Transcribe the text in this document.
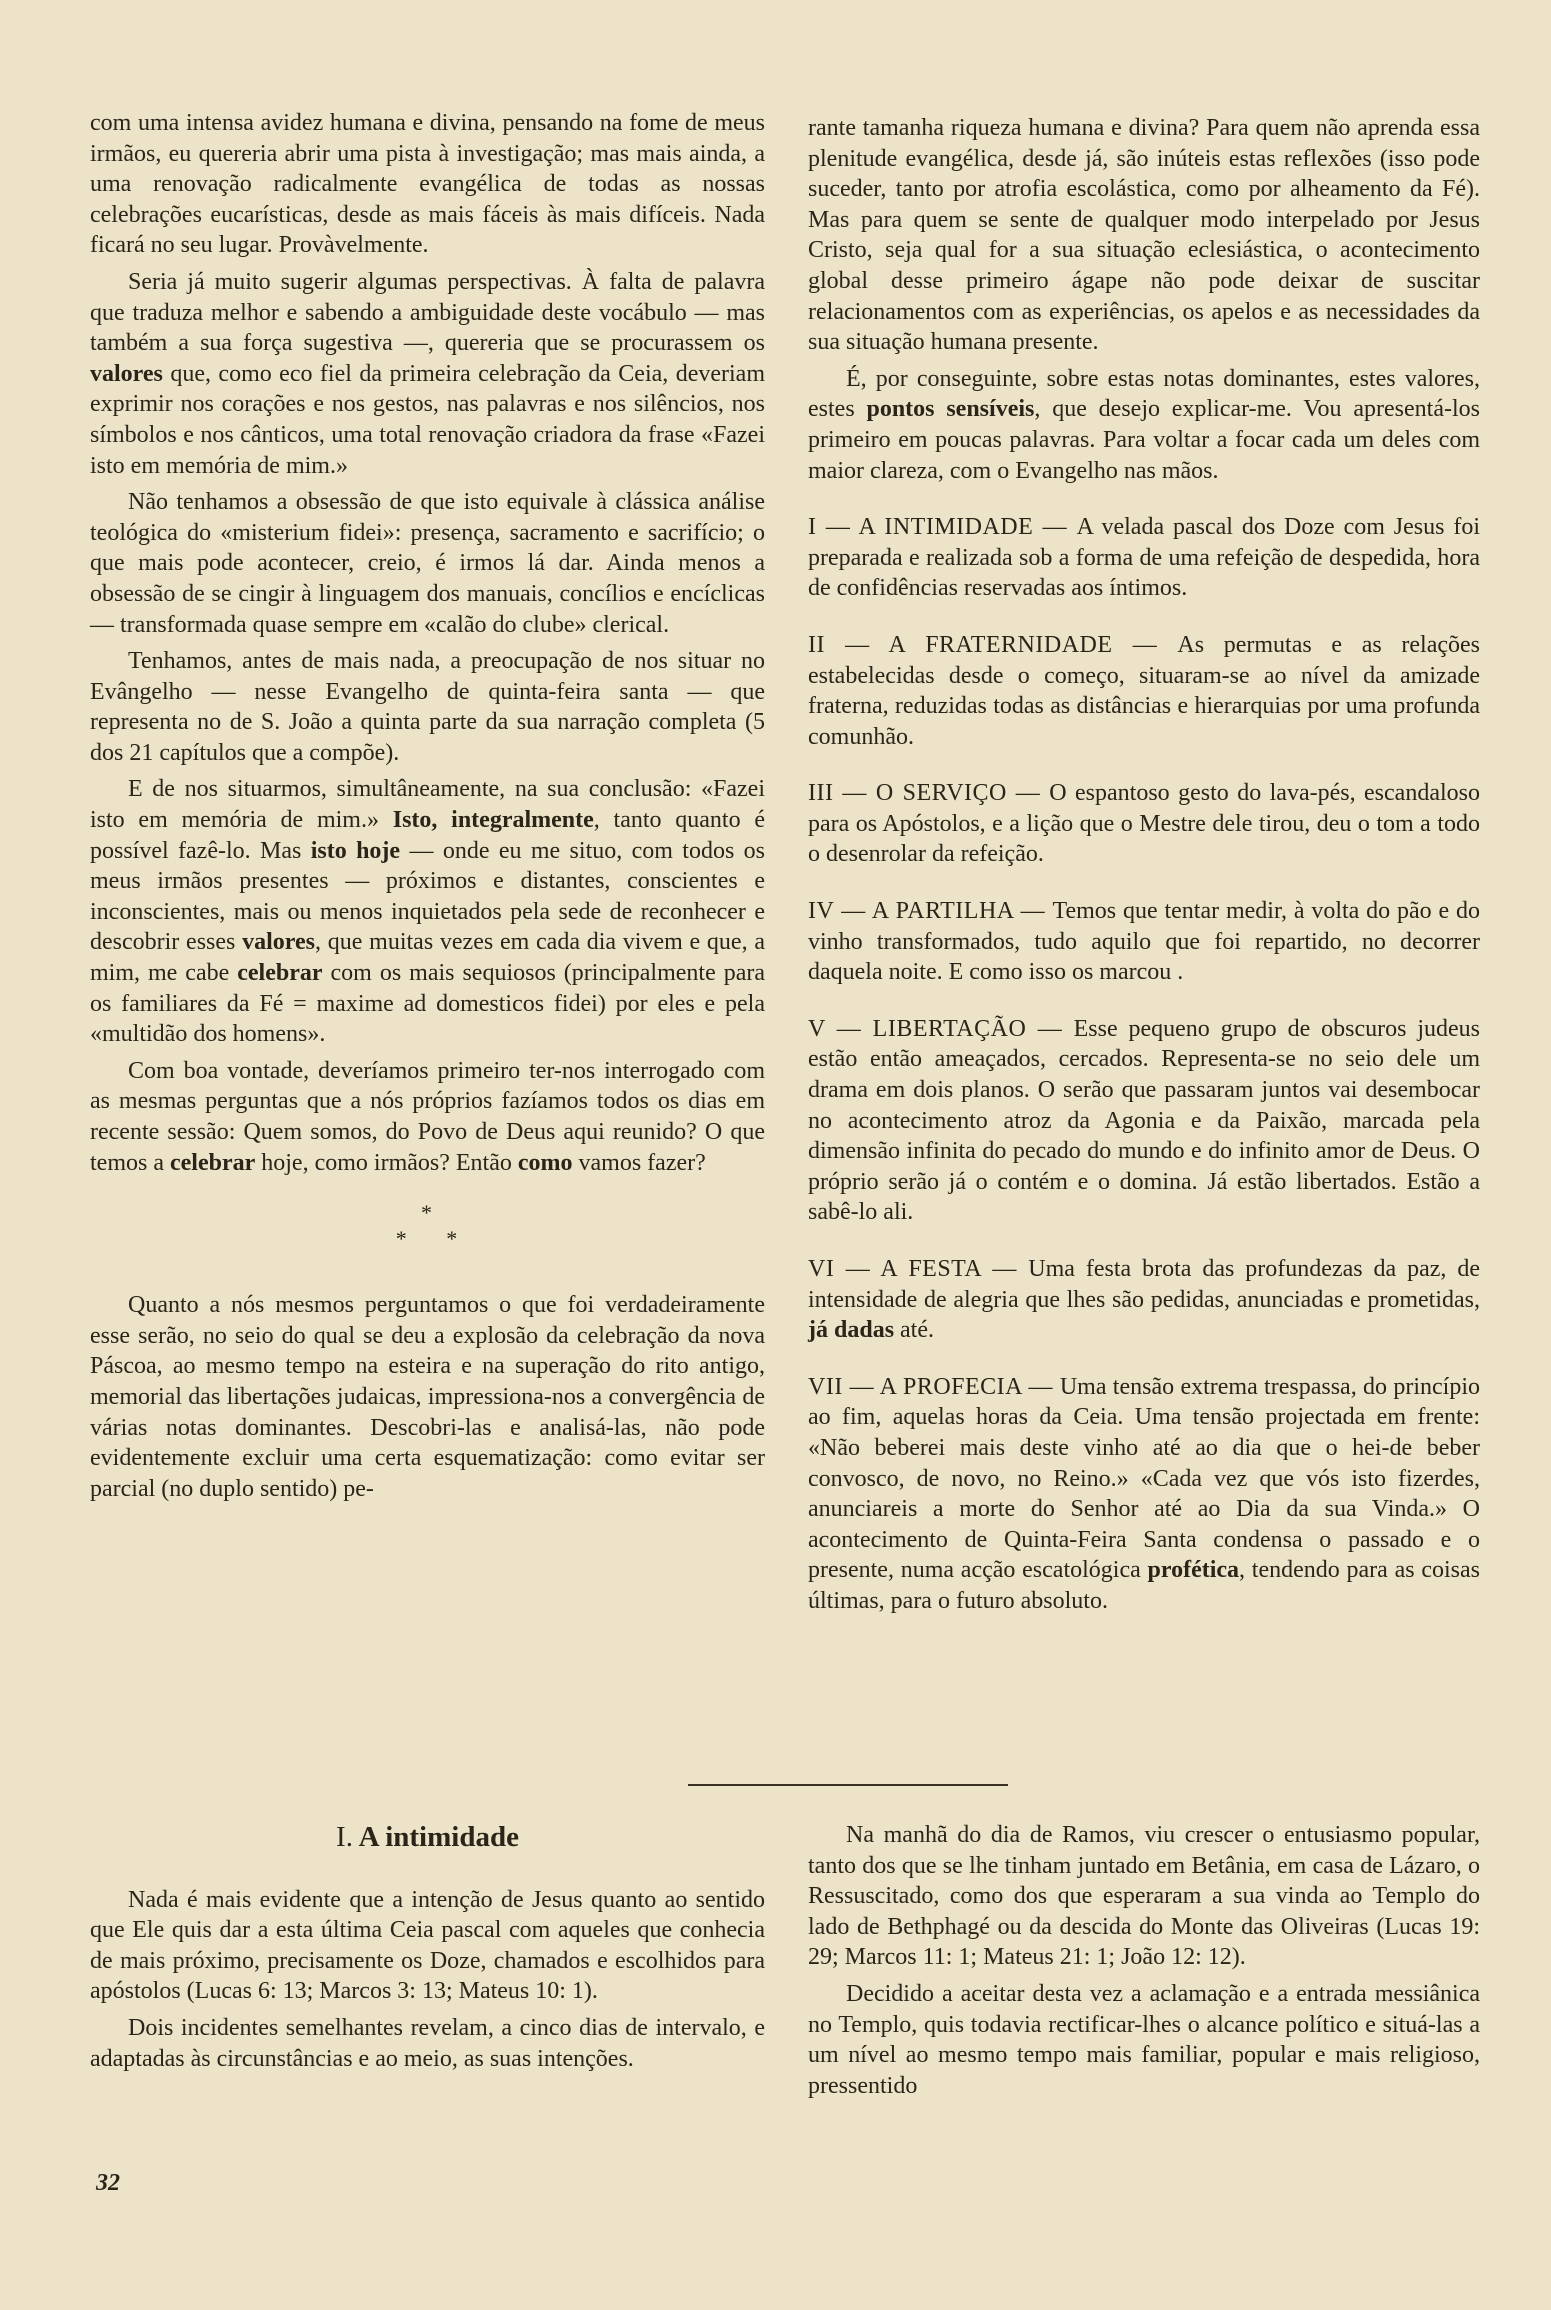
com uma intensa avidez humana e divina, pensando na fome de meus irmãos, eu quereria abrir uma pista à investigação; mas mais ainda, a uma renovação radicalmente evangélica de todas as nossas celebrações eucarísticas, desde as mais fáceis às mais difíceis. Nada ficará no seu lugar. Provàvelmente.

Seria já muito sugerir algumas perspectivas. À falta de palavra que traduza melhor e sabendo a ambiguidade deste vocábulo — mas também a sua força sugestiva —, quereria que se procurassem os valores que, como eco fiel da primeira celebração da Ceia, deveriam exprimir nos corações e nos gestos, nas palavras e nos silêncios, nos símbolos e nos cânticos, uma total renovação criadora da frase «Fazei isto em memória de mim.»

Não tenhamos a obsessão de que isto equivale à clássica análise teológica do «misterium fidei»: presença, sacramento e sacrifício; o que mais pode acontecer, creio, é irmos lá dar. Ainda menos a obsessão de se cingir à linguagem dos manuais, concílios e encíclicas — transformada quase sempre em «calão do clube» clerical.

Tenhamos, antes de mais nada, a preocupação de nos situar no Evângelho — nesse Evangelho de quinta-feira santa — que representa no de S. João a quinta parte da sua narração completa (5 dos 21 capítulos que a compõe).

E de nos situarmos, simultâneamente, na sua conclusão: «Fazei isto em memória de mim.» Isto, integralmente, tanto quanto é possível fazê-lo. Mas isto hoje — onde eu me situo, com todos os meus irmãos presentes — próximos e distantes, conscientes e inconscientes, mais ou menos inquietados pela sede de reconhecer e descobrir esses valores, que muitas vezes em cada dia vivem e que, a mim, me cabe celebrar com os mais sequiosos (principalmente para os familiares da Fé = maxime ad domesticos fidei) por eles e pela «multidão dos homens».

Com boa vontade, deveríamos primeiro ter-nos interrogado com as mesmas perguntas que a nós próprios fazíamos todos os dias em recente sessão: Quem somos, do Povo de Deus aqui reunido? O que temos a celebrar hoje, como irmãos? Então como vamos fazer?

*
*     *

Quanto a nós mesmos perguntamos o que foi verdadeiramente esse serão, no seio do qual se deu a explosão da celebração da nova Páscoa, ao mesmo tempo na esteira e na superação do rito antigo, memorial das libertações judaicas, impressiona-nos a convergência de várias notas dominantes. Descobri-las e analisá-las, não pode evidentemente excluir uma certa esquematização: como evitar ser parcial (no duplo sentido) pe-

rante tamanha riqueza humana e divina? Para quem não aprenda essa plenitude evangélica, desde já, são inúteis estas reflexões (isso pode suceder, tanto por atrofia escolástica, como por alheamento da Fé). Mas para quem se sente de qualquer modo interpelado por Jesus Cristo, seja qual for a sua situação eclesiástica, o acontecimento global desse primeiro ágape não pode deixar de suscitar relacionamentos com as experiências, os apelos e as necessidades da sua situação humana presente.

É, por conseguinte, sobre estas notas dominantes, estes valores, estes pontos sensíveis, que desejo explicar-me. Vou apresentá-los primeiro em poucas palavras. Para voltar a focar cada um deles com maior clareza, com o Evangelho nas mãos.

I — A INTIMIDADE — A velada pascal dos Doze com Jesus foi preparada e realizada sob a forma de uma refeição de despedida, hora de confidências reservadas aos íntimos.

II — A FRATERNIDADE — As permutas e as relações estabelecidas desde o começo, situaram-se ao nível da amizade fraterna, reduzidas todas as distâncias e hierarquias por uma profunda comunhão.

III — O SERVIÇO — O espantoso gesto do lava-pés, escandaloso para os Apóstolos, e a lição que o Mestre dele tirou, deu o tom a todo o desenrolar da refeição.

IV — A PARTILHA — Temos que tentar medir, à volta do pão e do vinho transformados, tudo aquilo que foi repartido, no decorrer daquela noite. E como isso os marcou .

V — LIBERTAÇÃO — Esse pequeno grupo de obscuros judeus estão então ameaçados, cercados. Representa-se no seio dele um drama em dois planos. O serão que passaram juntos vai desembocar no acontecimento atroz da Agonia e da Paixão, marcada pela dimensão infinita do pecado do mundo e do infinito amor de Deus. O próprio serão já o contém e o domina. Já estão libertados. Estão a sabê-lo ali.

VI — A FESTA — Uma festa brota das profundezas da paz, de intensidade de alegria que lhes são pedidas, anunciadas e prometidas, já dadas até.

VII — A PROFECIA — Uma tensão extrema trespassa, do princípio ao fim, aquelas horas da Ceia. Uma tensão projectada em frente: «Não beberei mais deste vinho até ao dia que o hei-de beber convosco, de novo, no Reino.» «Cada vez que vós isto fizerdes, anunciareis a morte do Senhor até ao Dia da sua Vinda.» O acontecimento de Quinta-Feira Santa condensa o passado e o presente, numa acção escatológica profética, tendendo para as coisas últimas, para o futuro absoluto.

I. A intimidade

Nada é mais evidente que a intenção de Jesus quanto ao sentido que Ele quis dar a esta última Ceia pascal com aqueles que conhecia de mais próximo, precisamente os Doze, chamados e escolhidos para apóstolos (Lucas 6: 13; Marcos 3: 13; Mateus 10: 1).

Dois incidentes semelhantes revelam, a cinco dias de intervalo, e adaptadas às circunstâncias e ao meio, as suas intenções.

Na manhã do dia de Ramos, viu crescer o entusiasmo popular, tanto dos que se lhe tinham juntado em Betânia, em casa de Lázaro, o Ressuscitado, como dos que esperaram a sua vinda ao Templo do lado de Bethphagé ou da descida do Monte das Oliveiras (Lucas 19: 29; Marcos 11: 1; Mateus 21: 1; João 12: 12).

Decidido a aceitar desta vez a aclamação e a entrada messiânica no Templo, quis todavia rectificar-lhes o alcance político e situá-las a um nível ao mesmo tempo mais familiar, popular e mais religioso, pressentido

32
